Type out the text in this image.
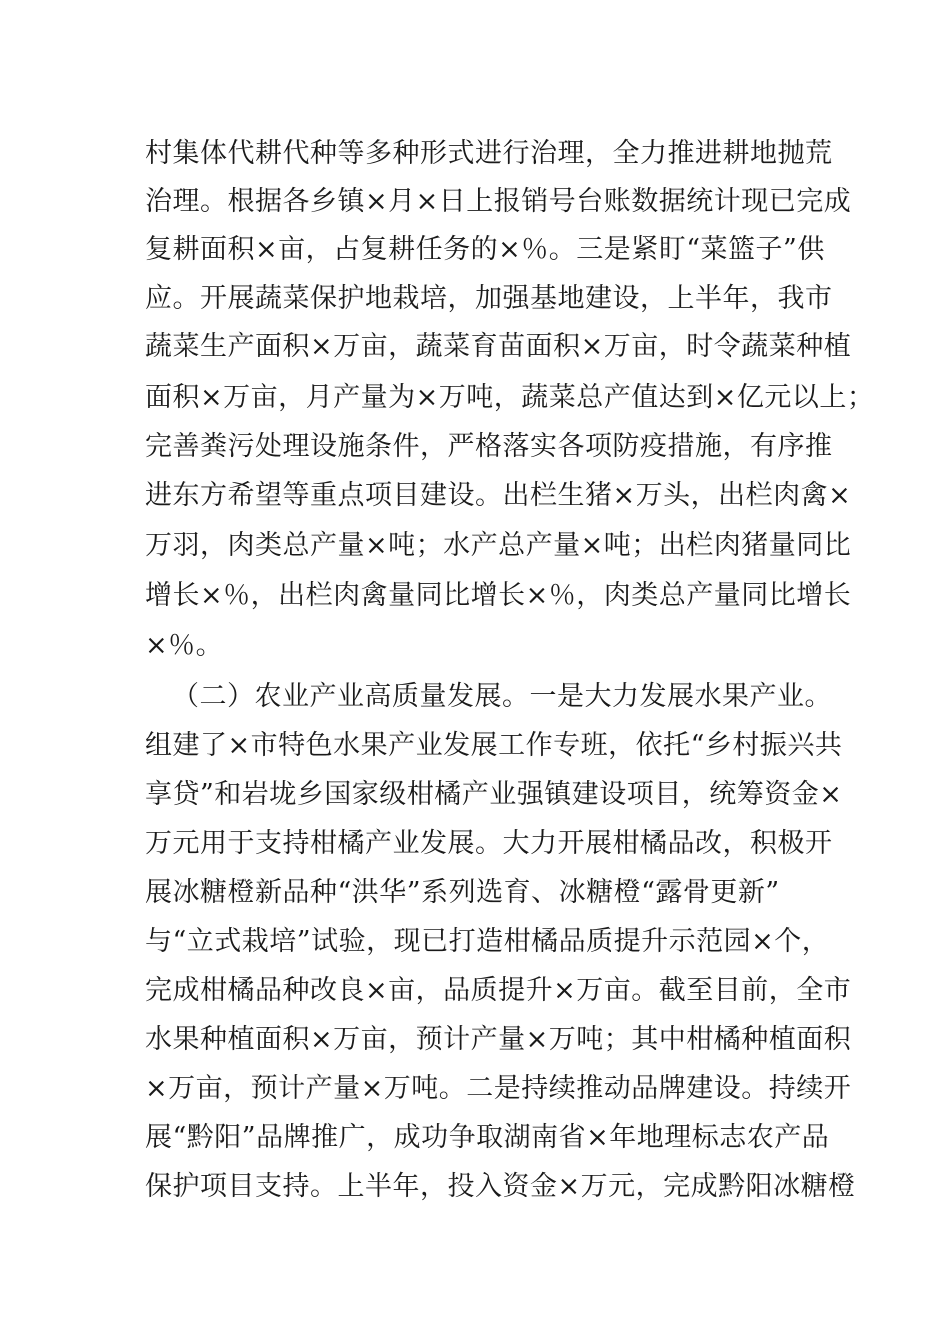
村集体代耕代种等多种形式进行治理，全力推进耕地抛荒
治理。根据各乡镇×月×日上报销号台账数据统计现已完成
复耕面积×亩，占复耕任务的×％。三是紧盯“菜篮子”供
应。开展蔬菜保护地栽培，加强基地建设，上半年，我市
蔬菜生产面积×万亩，蔬菜育苗面积×万亩，时令蔬菜种植
面积×万亩，月产量为×万吨，蔬菜总产值达到×亿元以上；
完善粪污处理设施条件，严格落实各项防疫措施，有序推
进东方希望等重点项目建设。出栏生猪×万头，出栏肉禽×
万羽，肉类总产量×吨；水产总产量×吨；出栏肉猪量同比
增长×％，出栏肉禽量同比增长×％，肉类总产量同比增长
×％。
（二）农业产业高质量发展。一是大力发展水果产业。
组建了×市特色水果产业发展工作专班，依托“乡村振兴共
享贷”和岩垅乡国家级柑橘产业强镇建设项目，统筹资金×
万元用于支持柑橘产业发展。大力开展柑橘品改，积极开
展冰糖橙新品种“洪华”系列选育、冰糖橙“露骨更新”
与“立式栽培”试验，现已打造柑橘品质提升示范园×个，
完成柑橘品种改良×亩，品质提升×万亩。截至目前，全市
水果种植面积×万亩，预计产量×万吨；其中柑橘种植面积
×万亩，预计产量×万吨。二是持续推动品牌建设。持续开
展“黔阳”品牌推广，成功争取湖南省×年地理标志农产品
保护项目支持。上半年，投入资金×万元，完成黔阳冰糖橙
